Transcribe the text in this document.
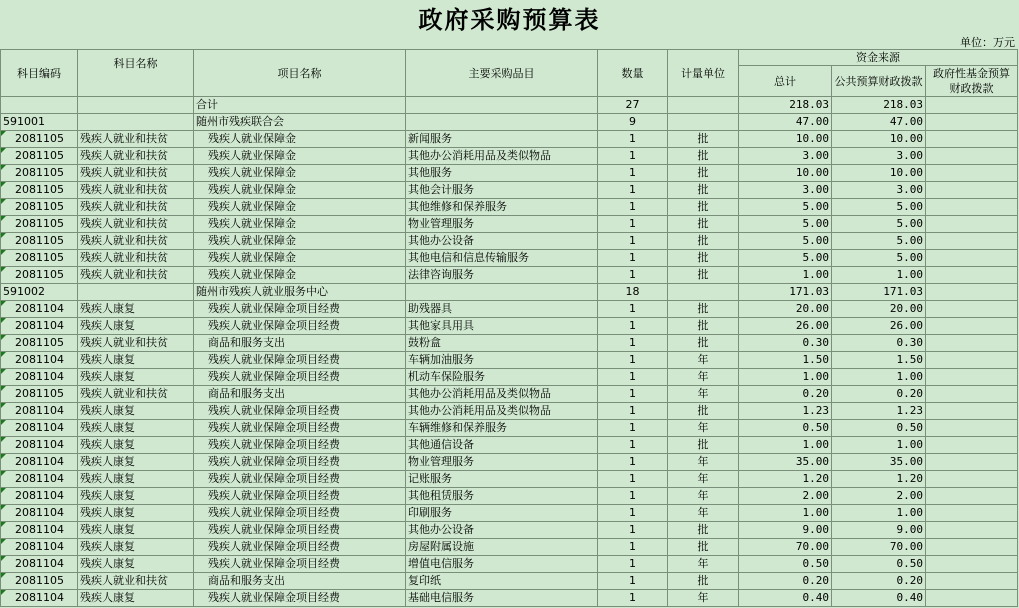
政府采购预算表
单位：万元
科目编码	科目名称	项目名称	主要采购品目	数量	计量单位	资金来源		
						总计	公共预算财政拨款	政府性基金预算财政拨款

		合计		27		218.03	218.03	
591001		随州市残疾联合会		9		47.00	47.00	

2081105	残疾人就业和扶贫	残疾人就业保障金	新闻服务	1	批	10.00	10.00	

2081105	残疾人就业和扶贫	残疾人就业保障金	其他办公消耗用品及类似物品	1	批	3.00	3.00	

2081105	残疾人就业和扶贫	残疾人就业保障金	其他服务	1	批	10.00	10.00	

2081105	残疾人就业和扶贫	残疾人就业保障金	其他会计服务	1	批	3.00	3.00	

2081105	残疾人就业和扶贫	残疾人就业保障金	其他维修和保养服务	1	批	5.00	5.00	

2081105	残疾人就业和扶贫	残疾人就业保障金	物业管理服务	1	批	5.00	5.00	

2081105	残疾人就业和扶贫	残疾人就业保障金	其他办公设备	1	批	5.00	5.00	

2081105	残疾人就业和扶贫	残疾人就业保障金	其他电信和信息传输服务	1	批	5.00	5.00	

2081105	残疾人就业和扶贫	残疾人就业保障金	法律咨询服务	1	批	1.00	1.00	
591002		随州市残疾人就业服务中心		18		171.03	171.03	

2081104	残疾人康复	残疾人就业保障金项目经费	助残器具	1	批	20.00	20.00	

2081104	残疾人康复	残疾人就业保障金项目经费	其他家具用具	1	批	26.00	26.00	

2081105	残疾人就业和扶贫	商品和服务支出	鼓粉盒	1	批	0.30	0.30	

2081104	残疾人康复	残疾人就业保障金项目经费	车辆加油服务	1	年	1.50	1.50	

2081104	残疾人康复	残疾人就业保障金项目经费	机动车保险服务	1	年	1.00	1.00	

2081105	残疾人就业和扶贫	商品和服务支出	其他办公消耗用品及类似物品	1	年	0.20	0.20	

2081104	残疾人康复	残疾人就业保障金项目经费	其他办公消耗用品及类似物品	1	批	1.23	1.23	

2081104	残疾人康复	残疾人就业保障金项目经费	车辆维修和保养服务	1	年	0.50	0.50	

2081104	残疾人康复	残疾人就业保障金项目经费	其他通信设备	1	批	1.00	1.00	

2081104	残疾人康复	残疾人就业保障金项目经费	物业管理服务	1	年	35.00	35.00	

2081104	残疾人康复	残疾人就业保障金项目经费	记账服务	1	年	1.20	1.20	

2081104	残疾人康复	残疾人就业保障金项目经费	其他租赁服务	1	年	2.00	2.00	

2081104	残疾人康复	残疾人就业保障金项目经费	印刷服务	1	年	1.00	1.00	

2081104	残疾人康复	残疾人就业保障金项目经费	其他办公设备	1	批	9.00	9.00	

2081104	残疾人康复	残疾人就业保障金项目经费	房屋附属设施	1	批	70.00	70.00	

2081104	残疾人康复	残疾人就业保障金项目经费	增值电信服务	1	年	0.50	0.50	

2081105	残疾人就业和扶贫	商品和服务支出	复印纸	1	批	0.20	0.20	

2081104	残疾人康复	残疾人就业保障金项目经费	基础电信服务	1	年	0.40	0.40	
